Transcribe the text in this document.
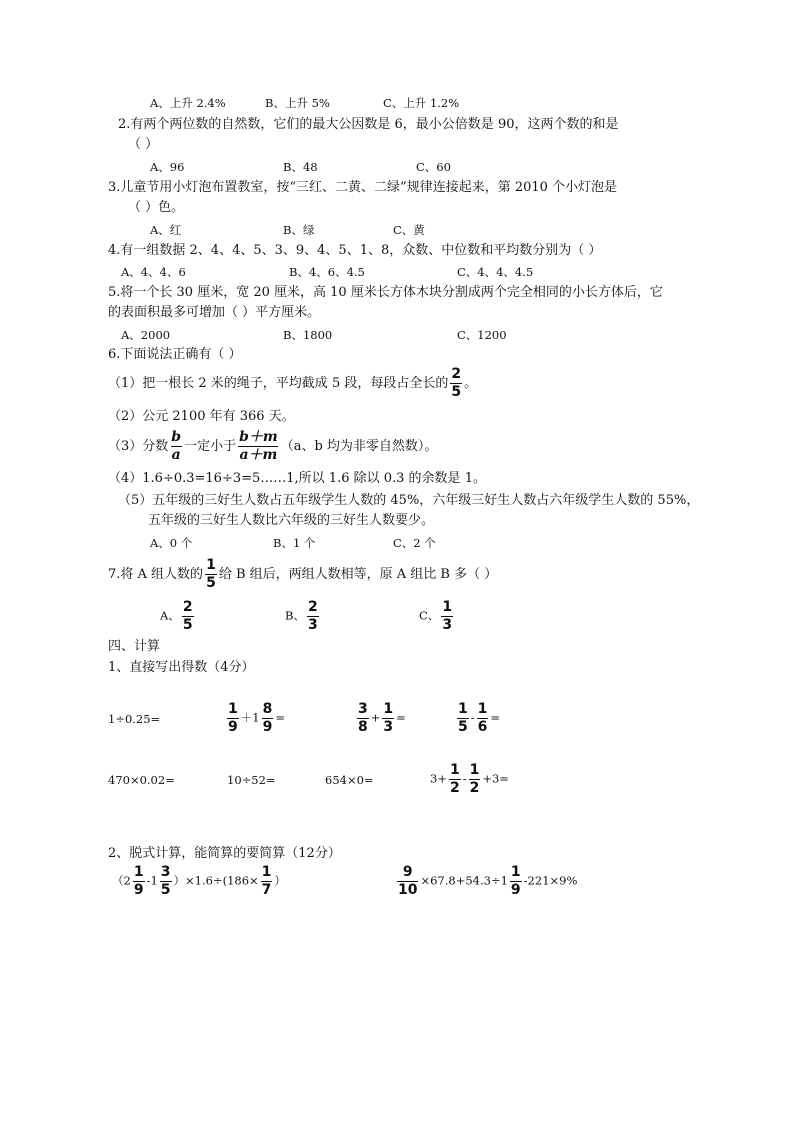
A、上升 2.4%	B、上升 5%	C、上升 1.2%
2.有两个两位数的自然数，它们的最大公因数是 6，最小公倍数是 90，这两个数的和是
（ ）
A、96	B、48	C、60
3.儿童节用小灯泡布置教室，按“三红、二黄、二绿”规律连接起来，第 2010 个小灯泡是
（ ）色。
A、红	B、绿	C、黄
4.有一组数据 2、4、4、5、3、9、4、5、1、8，众数、中位数和平均数分别为（ ）
A、4、4、6	B、4、6、4.5	C、4、4、4.5
5.将一个长 30 厘米，宽 20 厘米，高 10 厘米长方体木块分割成两个完全相同的小长方体后，它
的表面积最多可增加（ ）平方厘米。
A、2000	B、1800	C、1200
6.下面说法正确有（ ）
（1）把一根长 2 米的绳子，平均截成 5 段，每段占全长的 $\frac{2}{5}$ 。
（2）公元 2100 年有 366 天。
（3）分数 $\frac{b}{a}$ 一定小于 $\frac{b+m}{a+m} (a$、b 均为非零自然数）。
（4）1.6÷0.3=16÷3=5……1,所以 1.6 除以 0.3 的余数是 1。
（5）五年级的三好生人数占五年级学生人数的 45%，六年级三好生人数占六年级学生人数的 55%，
五年级的三好生人数比六年级的三好生人数要少。
A、0 个	B、1 个	C、2 个
7.将 A 组人数的 $\frac{1}{5}$ 给 B 组后，两组人数相等，原 A 组比 B 多（ ）
A、 $\frac{2}{5}$	B、 $\frac{2}{3}$	C、 $\frac{1}{3}$
四、计算
1、直接写出得数（4分）
1÷0.25=	$\frac{1}{9} +1 \frac{8}{9}$ =	$\frac{3}{8} + \frac{1}{3}$ =	$\frac{1}{5} - \frac{1}{6}$ =
470×0.02=	10÷52=	654×0=	$3+ \frac{1}{2} - \frac{1}{2} +3=$
2、脱式计算，能简算的要简算（12分）
$(2 \frac{1}{9} -1 \frac{3}{5} )\times 1.6\div(186\times \frac{1}{7}$ ）	$\frac{9}{10} \times 67.8+54.3\div 1 \frac{1}{9} -221\times 9\%$
